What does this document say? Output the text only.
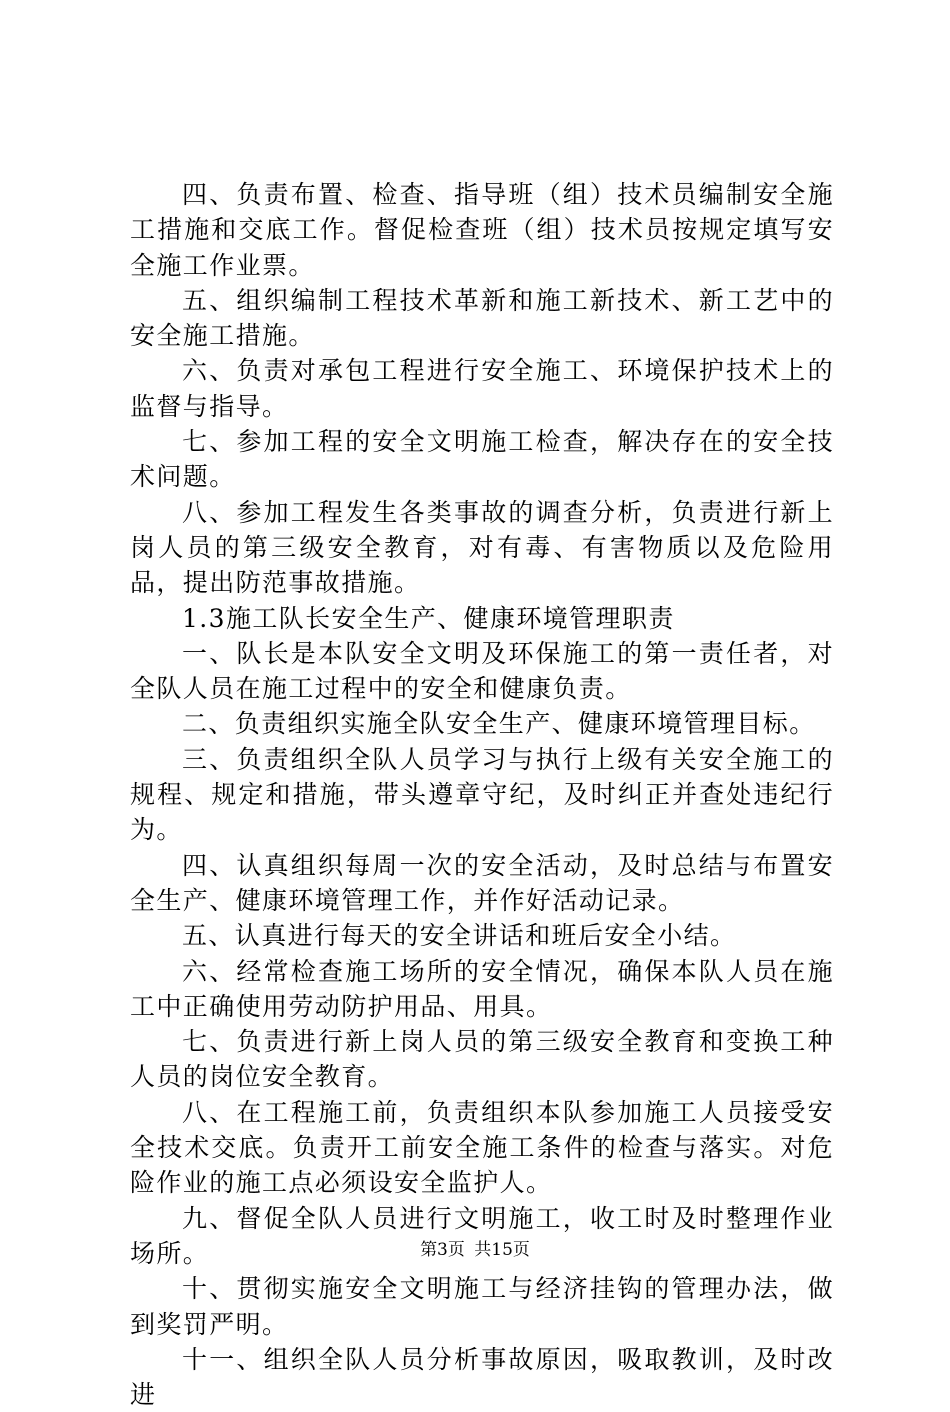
四、负责布置、检查、指导班（组）技术员编制安全施工措施和交底工作。督促检查班（组）技术员按规定填写安全施工作业票。

五、组织编制工程技术革新和施工新技术、新工艺中的安全施工措施。

六、负责对承包工程进行安全施工、环境保护技术上的监督与指导。

七、参加工程的安全文明施工检查，解决存在的安全技术问题。

八、参加工程发生各类事故的调查分析，负责进行新上岗人员的第三级安全教育，对有毒、有害物质以及危险用品，提出防范事故措施。

1.3施工队长安全生产、健康环境管理职责

一、队长是本队安全文明及环保施工的第一责任者，对全队人员在施工过程中的安全和健康负责。

二、负责组织实施全队安全生产、健康环境管理目标。

三、负责组织全队人员学习与执行上级有关安全施工的规程、规定和措施，带头遵章守纪，及时纠正并查处违纪行为。

四、认真组织每周一次的安全活动，及时总结与布置安全生产、健康环境管理工作，并作好活动记录。

五、认真进行每天的安全讲话和班后安全小结。

六、经常检查施工场所的安全情况，确保本队人员在施工中正确使用劳动防护用品、用具。

七、负责进行新上岗人员的第三级安全教育和变换工种人员的岗位安全教育。

八、在工程施工前，负责组织本队参加施工人员接受安全技术交底。负责开工前安全施工条件的检查与落实。对危险作业的施工点必须设安全监护人。

九、督促全队人员进行文明施工，收工时及时整理作业场所。

十、贯彻实施安全文明施工与经济挂钩的管理办法，做到奖罚严明。

十一、组织全队人员分析事故原因，吸取教训，及时改进

第3页 共15页
